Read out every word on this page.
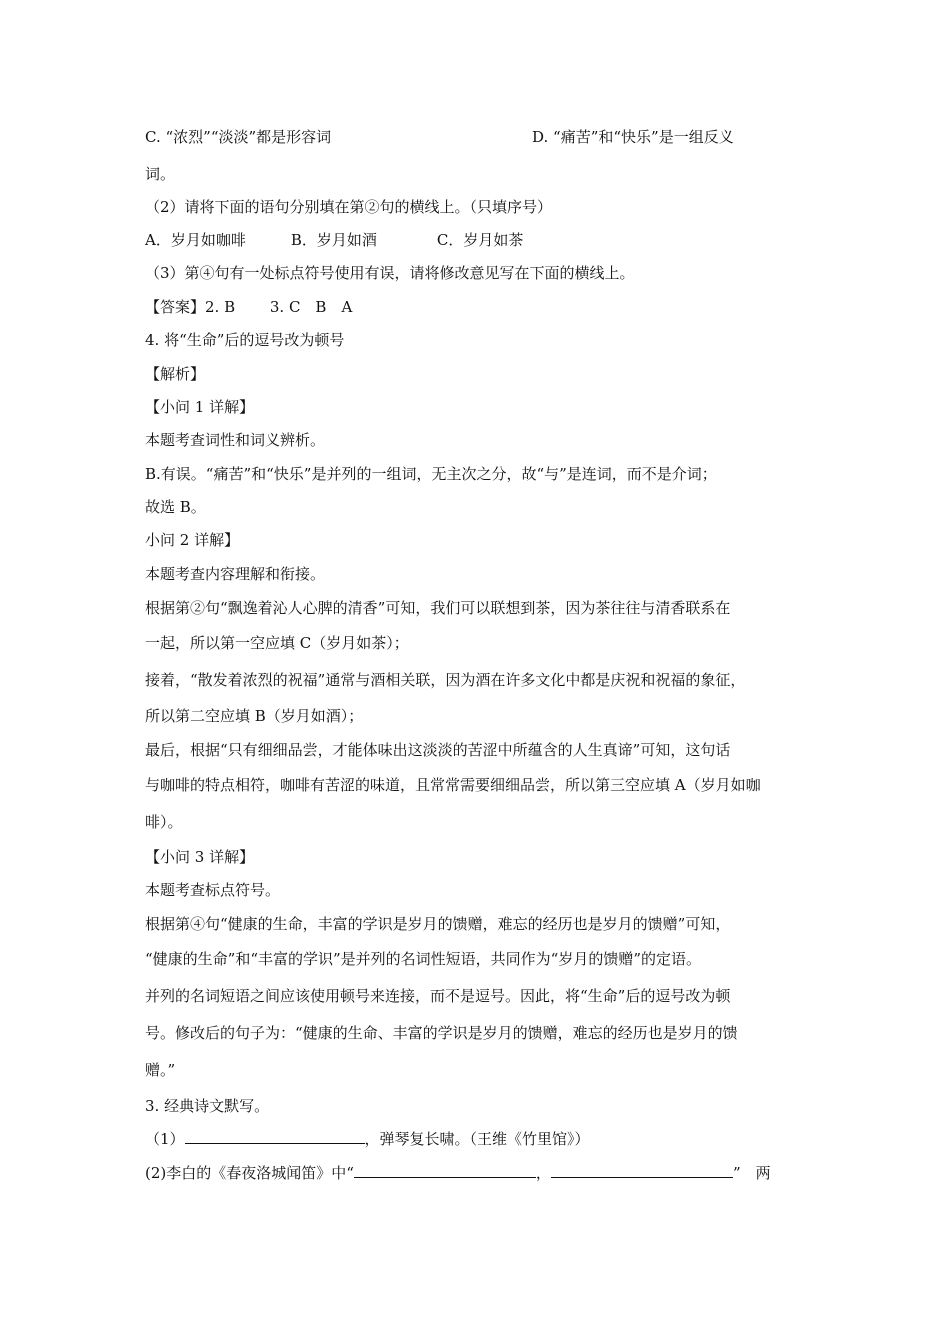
C. “浓烈”“淡淡”都是形容词	D. “痛苦”和“快乐”是一组反义
词。
（2）请将下面的语句分别填在第②句的横线上。（只填序号）
A．岁月如咖啡　　　B．岁月如酒　　　　C．岁月如茶
（3）第④句有一处标点符号使用有误，请将修改意见写在下面的横线上。
【答案】2. B　　 3. C　B　A
4. 将“生命”后的逗号改为顿号
【解析】
【小问 1 详解】
本题考查词性和词义辨析。
B.有误。“痛苦”和“快乐”是并列的一组词，无主次之分，故“与”是连词，而不是介词；
故选 B。
小问 2 详解】
本题考查内容理解和衔接。
根据第②句“飘逸着沁人心脾的清香”可知，我们可以联想到茶，因为茶往往与清香联系在
一起，所以第一空应填 C（岁月如茶）；
接着，“散发着浓烈的祝福”通常与酒相关联，因为酒在许多文化中都是庆祝和祝福的象征，
所以第二空应填 B（岁月如酒）；
最后，根据“只有细细品尝，才能体味出这淡淡的苦涩中所蕴含的人生真谛”可知，这句话
与咖啡的特点相符，咖啡有苦涩的味道，且常常需要细细品尝，所以第三空应填 A（岁月如咖
啡）。
【小问 3 详解】
本题考查标点符号。
根据第④句“健康的生命，丰富的学识是岁月的馈赠，难忘的经历也是岁月的馈赠”可知，
“健康的生命”和“丰富的学识”是并列的名词性短语，共同作为“岁月的馈赠”的定语。
并列的名词短语之间应该使用顿号来连接，而不是逗号。因此，将“生命”后的逗号改为顿
号。修改后的句子为：“健康的生命、丰富的学识是岁月的馈赠，难忘的经历也是岁月的馈
赠。”
3. 经典诗文默写。
（1）	，弹琴复长啸。（王维《竹里馆》）
(2)李白的《春夜洛城闻笛》中“	，	”　两
